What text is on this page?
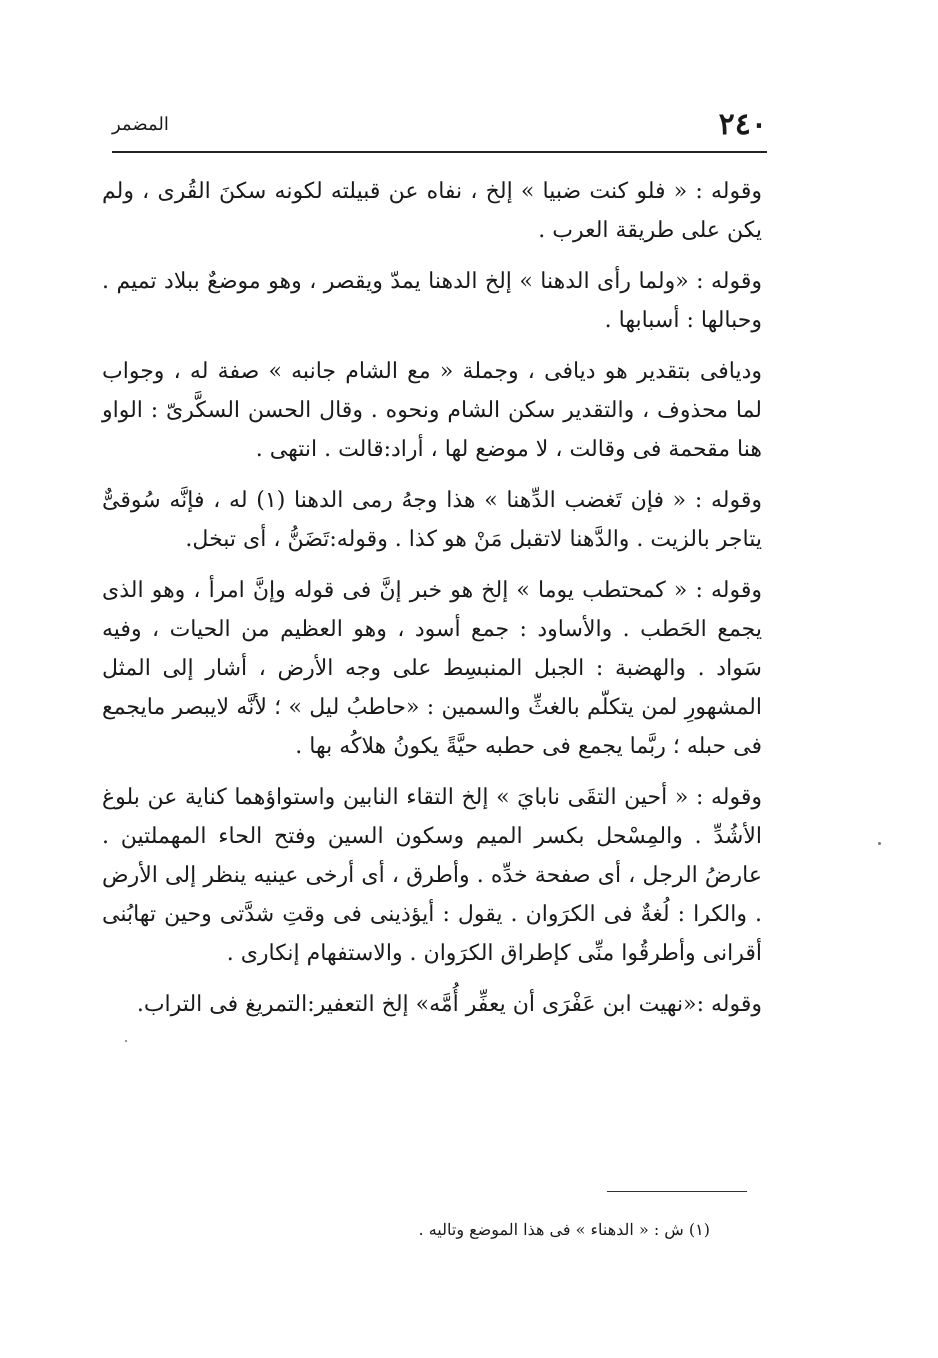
٢٤٠
المضمر

وقوله : « فلو كنت ضبيا » إلخ ، نفاه عن قبيلته لكونه سكنَ القُرى ، ولم يكن على طريقة العرب .

وقوله : «ولما رأى الدهنا » إلخ الدهنا يمدّ ويقصر ، وهو موضعٌ ببلاد تميم . وحبالها : أسبابها .

وديافى بتقدير هو ديافى ، وجملة « مع الشام جانبه » صفة له ، وجواب لما محذوف ، والتقدير سكن الشام ونحوه . وقال الحسن السكَّرىّ : الواو هنا مقحمة فى وقالت ، لا موضع لها ، أراد:قالت . انتهى .

وقوله : « فإن تَغضب الدِّهنا » هذا وجهُ رمى الدهنا (١) له ، فإنَّه سُوقىٌّ يتاجر بالزيت . والدَّهنا لاتقبل مَنْ هو كذا . وقوله:تَضَنُّ ، أى تبخل.

وقوله : « كمحتطب يوما » إلخ هو خبر إنَّ فى قوله وإنَّ امرأ ، وهو الذى يجمع الحَطب . والأساود : جمع أسود ، وهو العظيم من الحيات ، وفيه سَواد . والهضبة : الجبل المنبسِط على وجه الأرض ، أشار إلى المثل المشهورِ لمن يتكلّم بالغثِّ والسمين : «حاطبُ ليل » ؛ لأنَّه لايبصر مايجمع فى حبله ؛ ربَّما يجمع فى حطبه حيَّةً يكونُ هلاكُه بها .

وقوله : « أحين التقَى نابايَ » إلخ التقاء النابين واستواؤهما كناية عن بلوغ الأشُدِّ . والمِسْحل بكسر الميم وسكون السين وفتح الحاء المهملتين . عارضُ الرجل ، أى صفحة خدِّه . وأطرق ، أى أرخى عينيه ينظر إلى الأرض . والكرا : لُغةٌ فى الكرَوان . يقول : أيؤذينى فى وقتِ شدَّتى وحين تهابُنى أقرانى وأطرقُوا منِّى كإطراق الكرَوان . والاستفهام إنكارى .

وقوله :«نهيت ابن عَفْرَى أن يعفِّر أُمَّه» إلخ التعفير:التمريغ فى التراب.

(١) ش : « الدهناء » فى هذا الموضع وتاليه .
